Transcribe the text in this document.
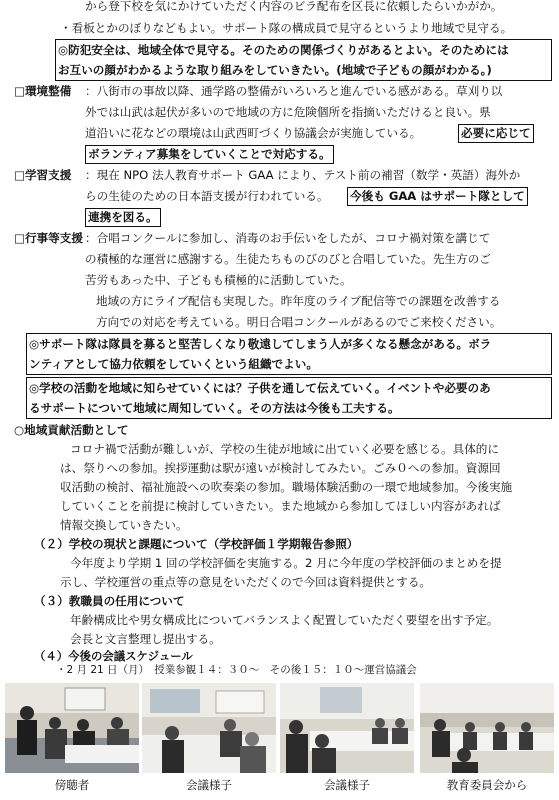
から登下校を気にかけていただく内容のビラ配布を区長に依頼したらいかがか。
・看板とかのぼりなどもよい。サポート隊の構成員で見守るというより地域で見守る。
◎防犯安全は、地域全体で見守る。そのための関係づくりがあるとよい。そのためには
お互いの顔がわかるような取り組みをしていきたい。(地域で子どもの顔がわかる。)
□環境整備 ：八街市の事故以降、通学路の整備がいろいろと進んでいる感がある。草刈り以
外では山武は起伏が多いので地域の方に危険個所を指摘いただけると良い。県
道沿いに花などの環境は山武西町づくり協議会が実施している。	必要に応じて
ボランティア募集をしていくことで対応する。
□学習支援 ：現在 NPO 法人教育サポート GAA により、テスト前の補習（数学・英語）海外か
らの生徒のための日本語支援が行われている。 今後も GAA はサポート隊として
連携を図る。
□行事等支援 ：合唱コンクールに参加し、消毒のお手伝いをしたが、コロナ禍対策を講じて
の積極的な運営に感謝する。生徒たちものびのびと合唱していた。先生方のご
苦労もあった中、子どもも積極的に活動していた。
地域の方にライブ配信も実現した。昨年度のライブ配信等での課題を改善する
方向での対応を考えている。明日合唱コンクールがあるのでご来校ください。
◎サポート隊は隊員を募ると堅苦しくなり敬遠してしまう人が多くなる懸念がある。ボラ
ンティアとして協力依頼をしていくという組織でよい。
◎学校の活動を地域に知らせていくには？子供を通して伝えていく。イベントや必要のあ
るサポートについて地域に周知していく。その方法は今後も工夫する。
○地域貢献活動として
コロナ禍で活動が難しいが、学校の生徒が地域に出ていく必要を感じる。具体的に
は、祭りへの参加。挨拶運動は駅が遠いが検討してみたい。ごみ０への参加。資源回
収活動の検討、福祉施設への吹奏楽の参加。職場体験活動の一環で地域参加。今後実施
していくことを前提に検討していきたい。また地域から参加してほしい内容があれば
情報交換していきたい。
（２）学校の現状と課題について（学校評価１学期報告参照）
今年度より学期 1 回の学校評価を実施する。2 月に今年度の学校評価のまとめを提
示し、学校運営の重点等の意見をいただくので今回は資料提供とする。
（３）教職員の任用について
年齢構成比や男女構成比についてバランスよく配置していただく要望を出す予定。
会長と文言整理し提出する。
傍聴者	会議様子	会議様子	教育委員会から
（４）今後の会議スケジュール
・2 月 21 日（月）　授業参観１４：３０～　その後１５：１０～運営協議会
